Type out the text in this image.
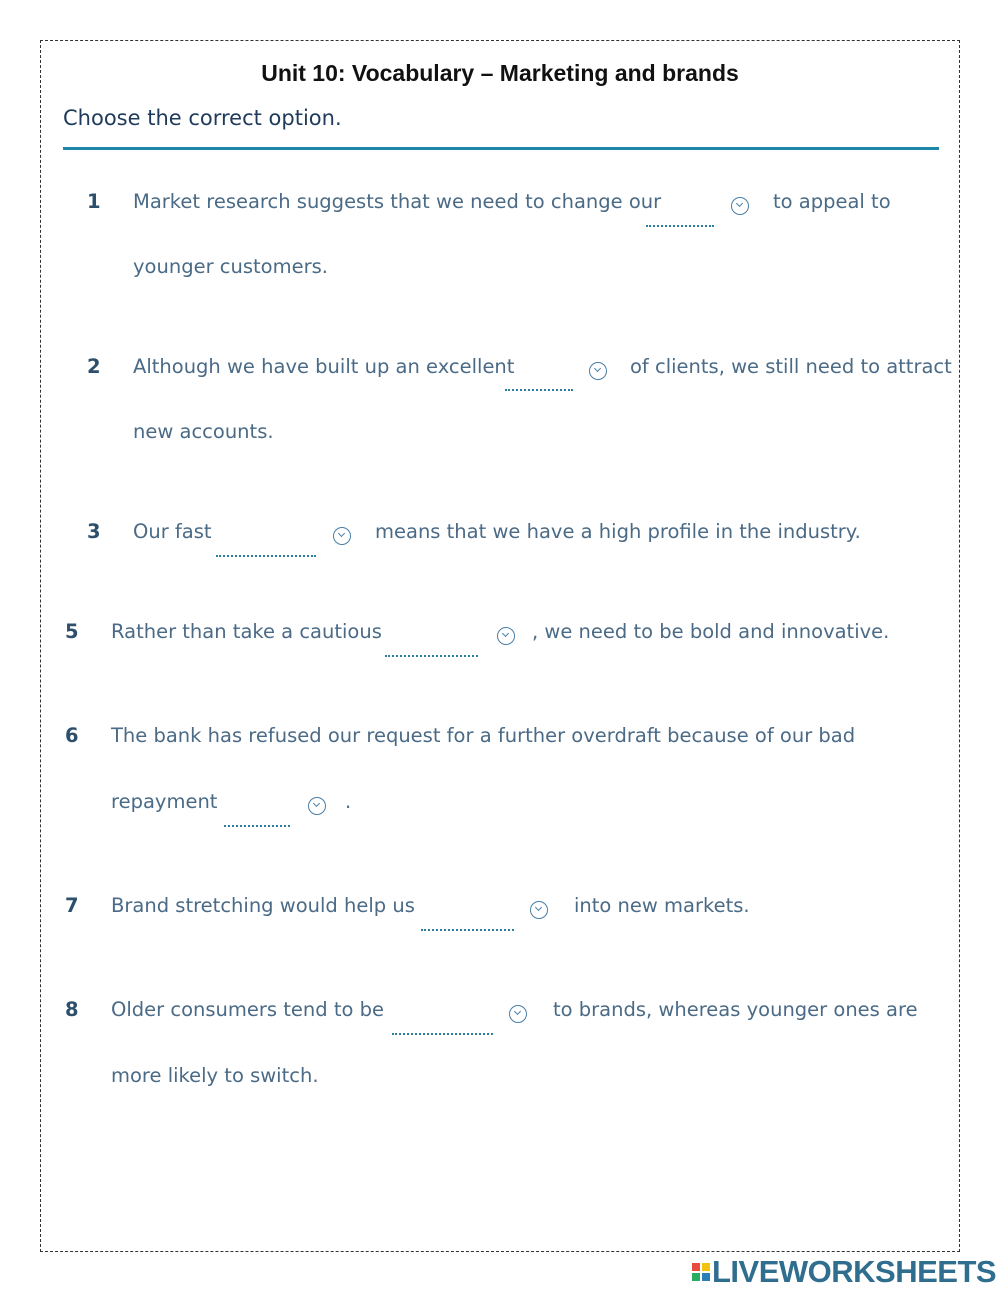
Unit 10: Vocabulary – Marketing and brands
Choose the correct option.
1 Market research suggests that we need to change our	to appeal to
younger customers.
2 Although we have built up an excellent	of clients, we still need to attract
new accounts.
3 Our fast	means that we have a high profile in the industry.
5 Rather than take a cautious	, we need to be bold and innovative.
6 The bank has refused our request for a further overdraft because of our bad
repayment	.
7 Brand stretching would help us	into new markets.
8 Older consumers tend to be	to brands, whereas younger ones are
more likely to switch.
LIVEWORKSHEETS
